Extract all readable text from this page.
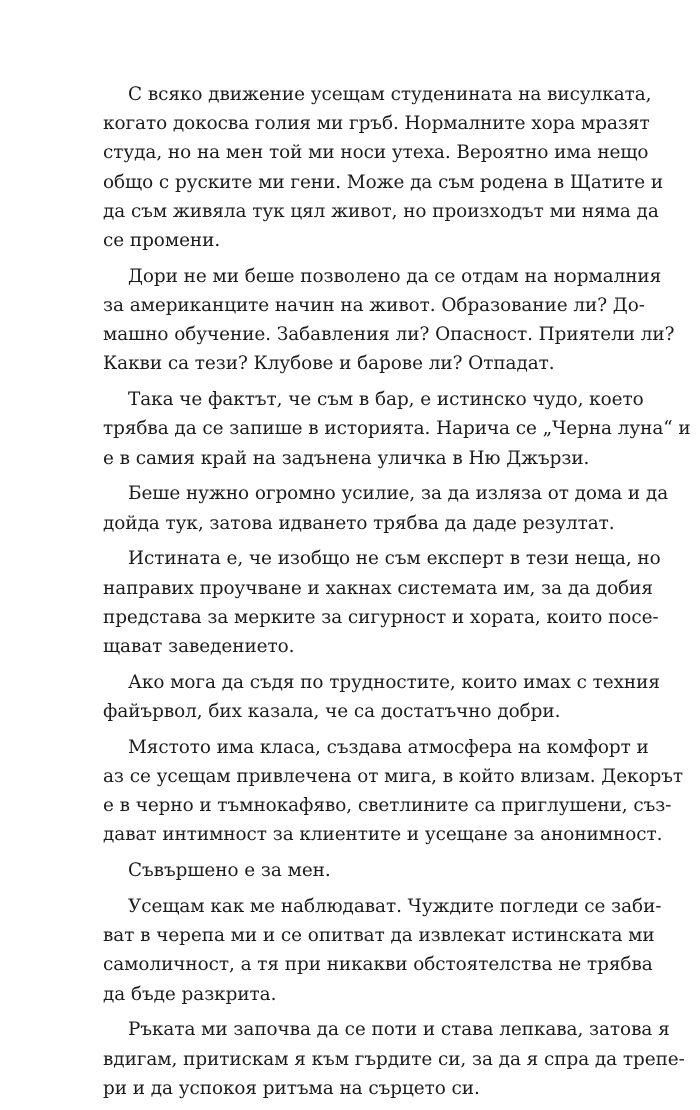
С всяко движение усещам студенината на висулката,
когато докосва голия ми гръб. Нормалните хора мразят
студа, но на мен той ми носи утеха. Вероятно има нещо
общо с руските ми гени. Може да съм родена в Щатите и
да съм живяла тук цял живот, но произходът ми няма да
се промени.
Дори не ми беше позволено да се отдам на нормалния
за американците начин на живот. Образование ли? До-
машно обучение. Забавления ли? Опасност. Приятели ли?
Какви са тези? Клубове и барове ли? Отпадат.
Така че фактът, че съм в бар, е истинско чудо, което
трябва да се запише в историята. Нарича се „Черна луна“ и
е в самия край на задънена уличка в Ню Джързи.
Беше нужно огромно усилие, за да изляза от дома и да
дойда тук, затова идването трябва да даде резултат.
Истината е, че изобщо не съм експерт в тези неща, но
направих проучване и хакнах системата им, за да добия
представа за мерките за сигурност и хората, които посе-
щават заведението.
Ако мога да съдя по трудностите, които имах с техния
файървол, бих казала, че са достатъчно добри.
Мястото има класа, създава атмосфера на комфорт и
аз се усещам привлечена от мига, в който влизам. Декорът
е в черно и тъмнокафяво, светлините са приглушени, съз-
дават интимност за клиентите и усещане за анонимност.
Съвършено е за мен.
Усещам как ме наблюдават. Чуждите погледи се заби-
ват в черепа ми и се опитват да извлекат истинската ми
самоличност, а тя при никакви обстоятелства не трябва
да бъде разкрита.
Ръката ми започва да се поти и става лепкава, затова я
вдигам, притискам я към гърдите си, за да я спра да трепе-
ри и да успокоя ритъма на сърцето си.
